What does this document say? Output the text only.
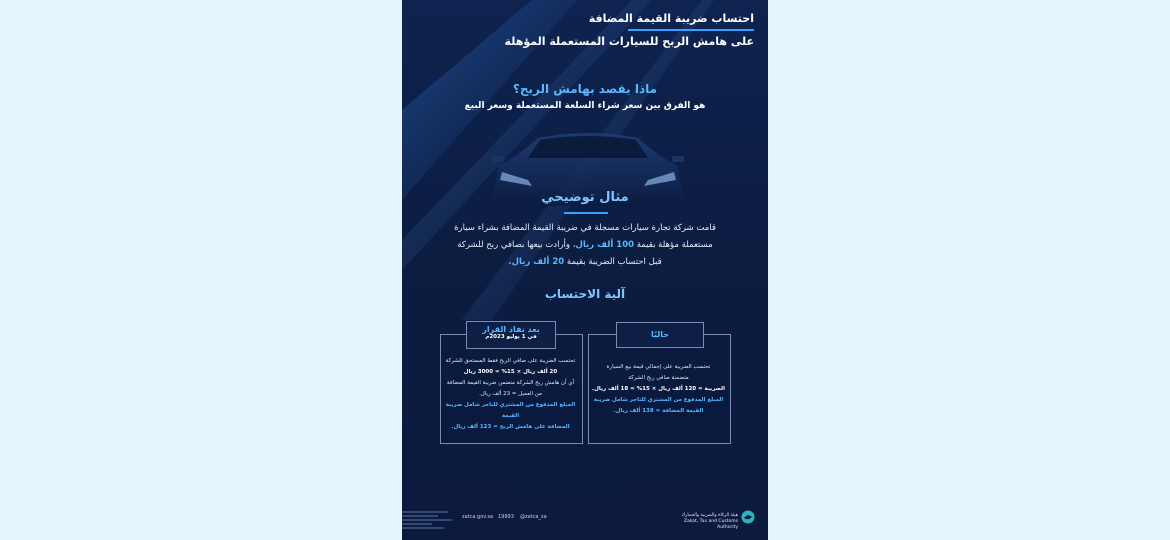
احتساب ضريبة القيمة المضافة
على هامش الربح للسيارات المستعملة المؤهلة
ماذا يقصد بهامش الربح؟
هو الفرق بين سعر شراء السلعة المستعملة وسعر البيع
مثال توضيحي
قامت شركة تجارة سيارات مسجلة في ضريبة القيمة المضافة بشراء سيارة
مستعملة مؤهلة بقيمة 100 ألف ريال، وأرادت بيعها بصافي ربح للشركة
قبل احتساب الضريبة بقيمة 20 ألف ريال.
آلية الاحتساب
حاليًا
تحتسب الضريبة على إجمالي قيمة بيع السيارة
متضمنة صافي ربح الشركة
الضريبة = 120 ألف ريال × 15% = 18 ألف ريال.
المبلغ المدفوع من المشتري للتاجر شامل ضريبة
القيمة المضافة = 138 ألف ريال.
بعد نفاذ القرار
في 1 يوليو 2023م
تحتسب الضريبة على صافي الربح فقط المستحق للشركة
20 ألف ريال × 15% = 3000 ريال
أي أن هامش ربح الشركة متضمن ضريبة القيمة المضافة
من العميل = 23 ألف ريال.
المبلغ المدفوع من المشتري للتاجر شامل ضريبة القيمة
المضافة على هامش الربح = 123 ألف ريال.
zatca.gov.sa 19993 @zatca_sa	هيئة الزكاة والضريبة والجمارك
Zakat, Tax and Customs Authority
